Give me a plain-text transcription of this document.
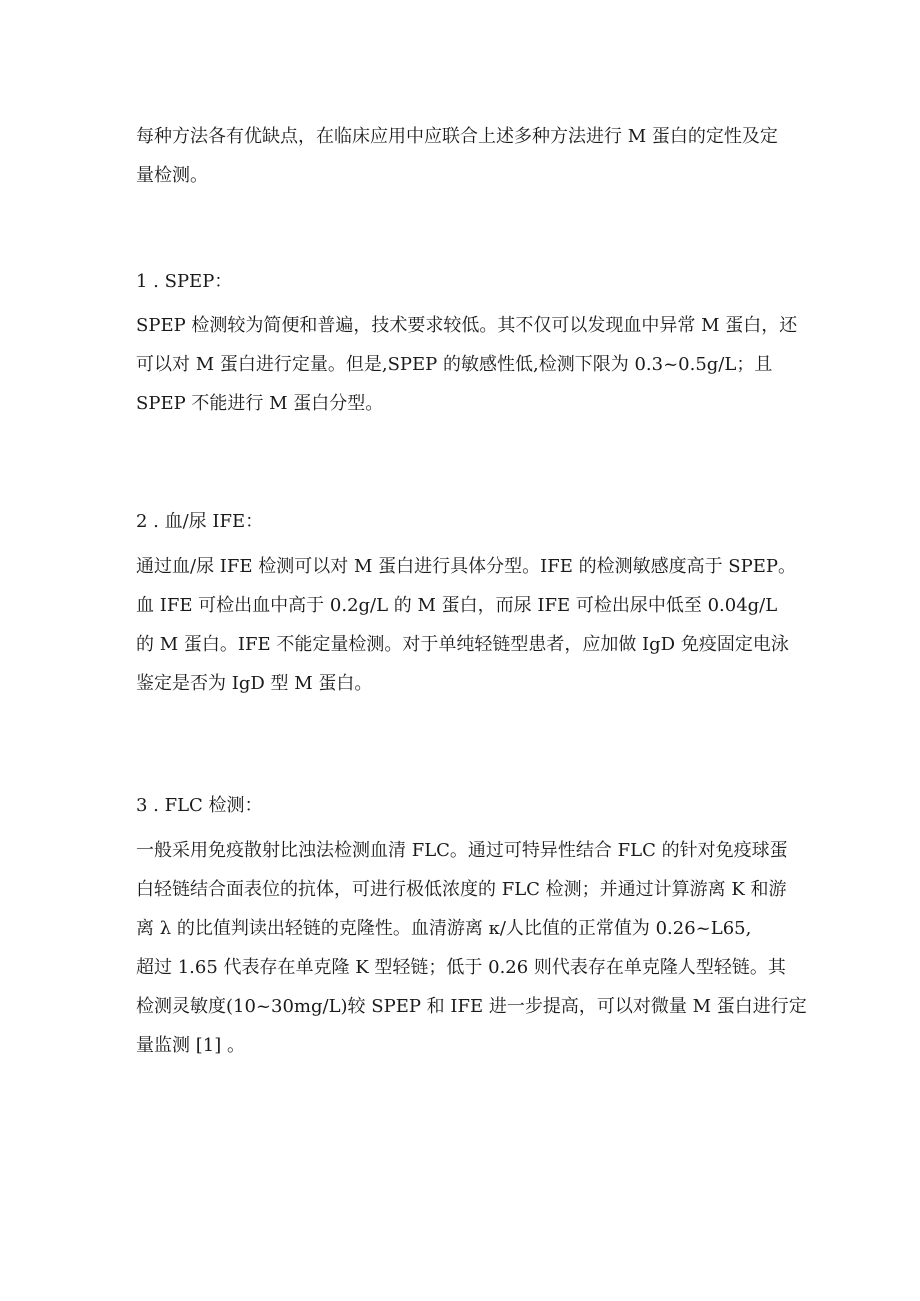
每种方法各有优缺点，在临床应用中应联合上述多种方法进行 M 蛋白的定性及定
量检测。

1 . SPEP：

SPEP 检测较为简便和普遍，技术要求较低。其不仅可以发现血中异常 M 蛋白，还
可以对 M 蛋白进行定量。但是,SPEP 的敏感性低,检测下限为 0.3~0.5g/L；且
SPEP 不能进行 M 蛋白分型。

2 . 血/尿 IFE：

通过血/尿 IFE 检测可以对 M 蛋白进行具体分型。IFE 的检测敏感度高于 SPEP。
血 IFE 可检出血中高于 0.2g/L 的 M 蛋白，而尿 IFE 可检出尿中低至 0.04g/L
的 M 蛋白。IFE 不能定量检测。对于单纯轻链型患者，应加做 IgD 免疫固定电泳
鉴定是否为 IgD 型 M 蛋白。

3 . FLC 检测：

一般采用免疫散射比浊法检测血清 FLC。通过可特异性结合 FLC 的针对免疫球蛋
白轻链结合面表位的抗体，可进行极低浓度的 FLC 检测；并通过计算游离 K 和游
离 λ 的比值判读出轻链的克隆性。血清游离 κ/人比值的正常值为 0.26~L65,
超过 1.65 代表存在单克隆 K 型轻链；低于 0.26 则代表存在单克隆人型轻链。其
检测灵敏度(10~30mg/L)较 SPEP 和 IFE 进一步提高，可以对微量 M 蛋白进行定
量监测 [1] 。
